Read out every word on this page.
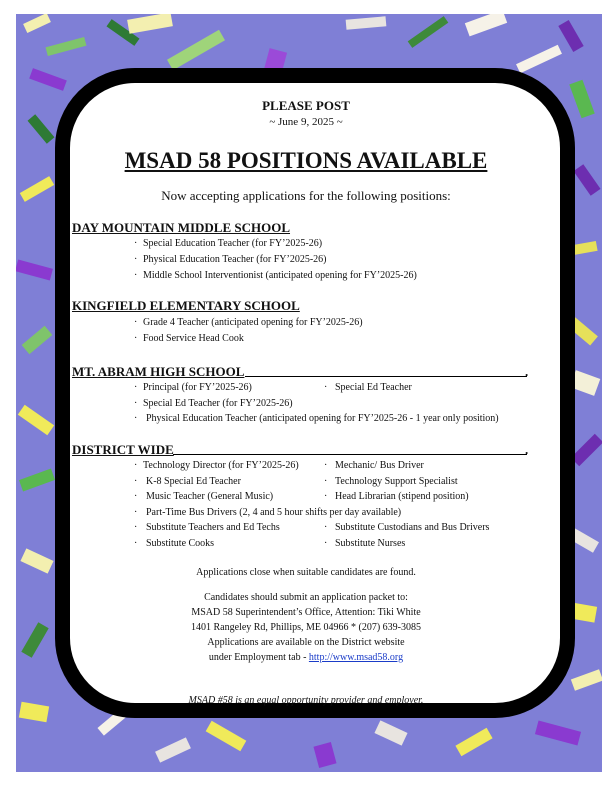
PLEASE POST
~ June 9, 2025 ~
MSAD 58 POSITIONS AVAILABLE
Now accepting applications for the following positions:
DAY MOUNTAIN MIDDLE SCHOOL
· Special Education Teacher (for FY’2025-26)
· Physical Education Teacher (for FY’2025-26)
· Middle School Interventionist (anticipated opening for FY’2025-26)
KINGFIELD ELEMENTARY SCHOOL
· Grade 4 Teacher (anticipated opening for FY’2025-26)
· Food Service Head Cook
MT. ABRAM HIGH SCHOOL	.
· Principal (for FY’2025-26)	· Special Ed Teacher
· Special Ed Teacher (for FY’2025-26)
· Physical Education Teacher (anticipated opening for FY’2025-26 - 1 year only position)
DISTRICT WIDE	.
· Technology Director (for FY’2025-26)	· Mechanic/ Bus Driver
· K-8 Special Ed Teacher	· Technology Support Specialist
· Music Teacher (General Music)	· Head Librarian (stipend position)
· Part-Time Bus Drivers (2, 4 and 5 hour shifts per day available)
· Substitute Teachers and Ed Techs	· Substitute Custodians and Bus Drivers
· Substitute Cooks	· Substitute Nurses
Applications close when suitable candidates are found.
Candidates should submit an application packet to:
MSAD 58 Superintendent’s Office, Attention: Tiki White
1401 Rangeley Rd, Phillips, ME 04966 * (207) 639-3085
Applications are available on the District website
under Employment tab - http://www.msad58.org
MSAD #58 is an equal opportunity provider and employer.
